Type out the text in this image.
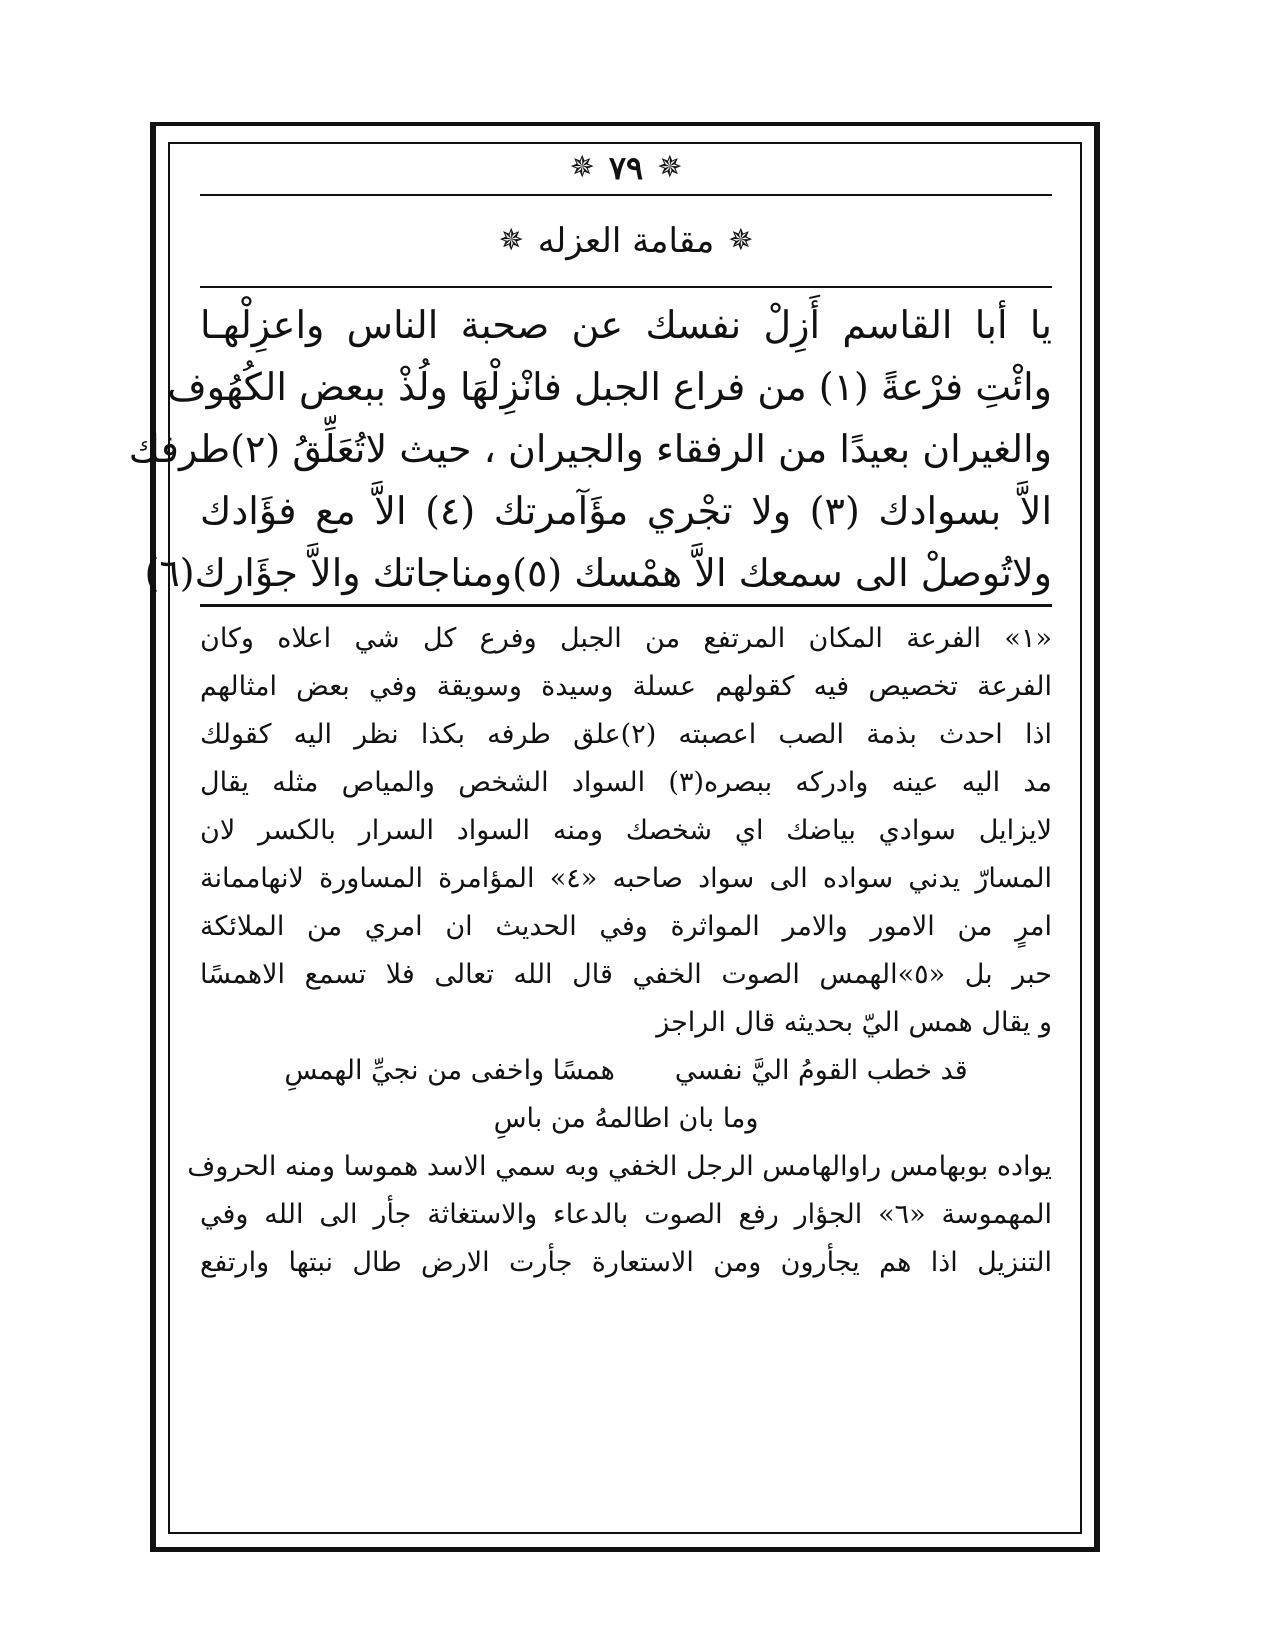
✵ ٧٩ ✵
✵ مقامة العزله ✵
يا أبا القاسم أَزِلْ نفسك عن صحبة الناس واعزِلْهـا
وائْتِ فرْعةً (١) من فراع الجبل فانْزِلْهَا ولُذْ ببعض الكُهُوف
والغيران بعيدًا من الرفقاء والجيران ، حيث لاتُعَلِّقُ (٢)طرفك
الاَّ بسوادك (٣) ولا تجْري مؤَآمرتك (٤) الاَّ مع فؤَادك
ولاتُوصلْ الى سمعك الاَّ همْسك (٥)ومناجاتك والاَّ جؤَارك(٦)
«١» الفرعة المكان المرتفع من الجبل وفرع كل شي اعلاه وكان
الفرعة تخصيص فيه كقولهم عسلة وسيدة وسويقة وفي بعض امثالهم
اذا احدث بذمة الصب اعصبته (٢)علق طرفه بكذا نظر اليه كقولك
مد اليه عينه وادركه ببصره(٣) السواد الشخص والمياص مثله يقال
لايزايل سوادي بياضك اي شخصك ومنه السواد السرار بالكسر لان
المسارّ يدني سواده الى سواد صاحبه «٤» المؤامرة المساورة لانهاممانة
امرٍ من الامور والامر المواثرة وفي الحديث ان امري من الملائكة
حبر بل «٥»الهمس الصوت الخفي قال الله تعالى فلا تسمع الاهمسًا
و يقال همس اليّ بحديثه قال الراجز
قد خطب القومُ اليَّ نفسي
همسًا واخفى من نجيِّ الهمسِ
وما بان اطالمهُ من باسِ
يواده بوبهامس راوالهامس الرجل الخفي وبه سمي الاسد هموسا ومنه الحروف
المهموسة «٦» الجؤار رفع الصوت بالدعاء والاستغاثة جأر الى الله وفي
التنزيل اذا هم يجأرون ومن الاستعارة جأرت الارض طال نبتها وارتفع
